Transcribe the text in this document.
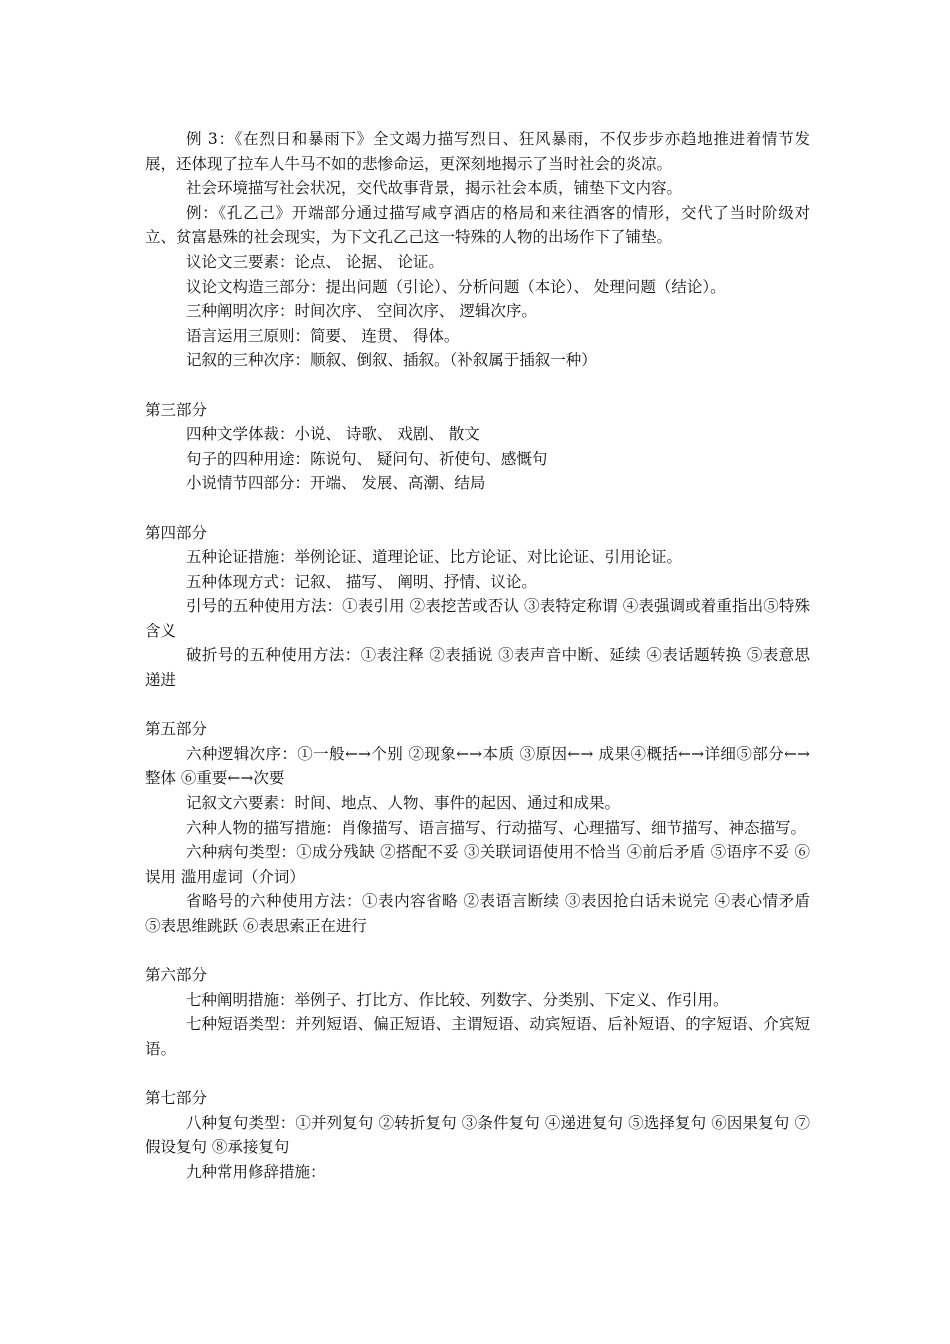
例 3：《在烈日和暴雨下》全文竭力描写烈日、狂风暴雨，不仅步步亦趋地推进着情节发展，还体现了拉车人牛马不如的悲惨命运，更深刻地揭示了当时社会的炎凉。

社会环境描写社会状况，交代故事背景，揭示社会本质，铺垫下文内容。

例：《孔乙己》开端部分通过描写咸亨酒店的格局和来往酒客的情形，交代了当时阶级对立、贫富悬殊的社会现实，为下文孔乙己这一特殊的人物的出场作下了铺垫。

议论文三要素：论点、 论据、 论证。

议论文构造三部分：提出问题（引论）、分析问题（本论）、 处理问题（结论）。

三种阐明次序：时间次序、 空间次序、 逻辑次序。

语言运用三原则：简要、 连贯、 得体。

记叙的三种次序：顺叙、倒叙、插叙。（补叙属于插叙一种）

第三部分

四种文学体裁：小说、 诗歌、 戏剧、 散文

句子的四种用途：陈说句、 疑问句、祈使句、感慨句

小说情节四部分：开端、 发展、高潮、结局

第四部分

五种论证措施：举例论证、道理论证、比方论证、对比论证、引用论证。

五种体现方式：记叙、 描写、 阐明、抒情、议论。

引号的五种使用方法：①表引用 ②表挖苦或否认 ③表特定称谓 ④表强调或着重指出⑤特殊含义

破折号的五种使用方法：①表注释 ②表插说 ③表声音中断、延续 ④表话题转换 ⑤表意思递进

第五部分

六种逻辑次序：①一般←→个别 ②现象←→本质 ③原因←→ 成果④概括←→详细⑤部分←→整体 ⑥重要←→次要

记叙文六要素：时间、地点、人物、事件的起因、通过和成果。

六种人物的描写措施：肖像描写、语言描写、行动描写、心理描写、细节描写、神态描写。

六种病句类型：①成分残缺 ②搭配不妥 ③关联词语使用不恰当 ④前后矛盾 ⑤语序不妥 ⑥误用 滥用虚词（介词）

省略号的六种使用方法：①表内容省略 ②表语言断续 ③表因抢白话未说完 ④表心情矛盾 ⑤表思维跳跃 ⑥表思索正在进行

第六部分

七种阐明措施：举例子、打比方、作比较、列数字、分类别、下定义、作引用。

七种短语类型：并列短语、偏正短语、主谓短语、动宾短语、后补短语、的字短语、介宾短语。

第七部分

八种复句类型：①并列复句 ②转折复句 ③条件复句 ④递进复句 ⑤选择复句 ⑥因果复句 ⑦假设复句 ⑧承接复句

九种常用修辞措施：
